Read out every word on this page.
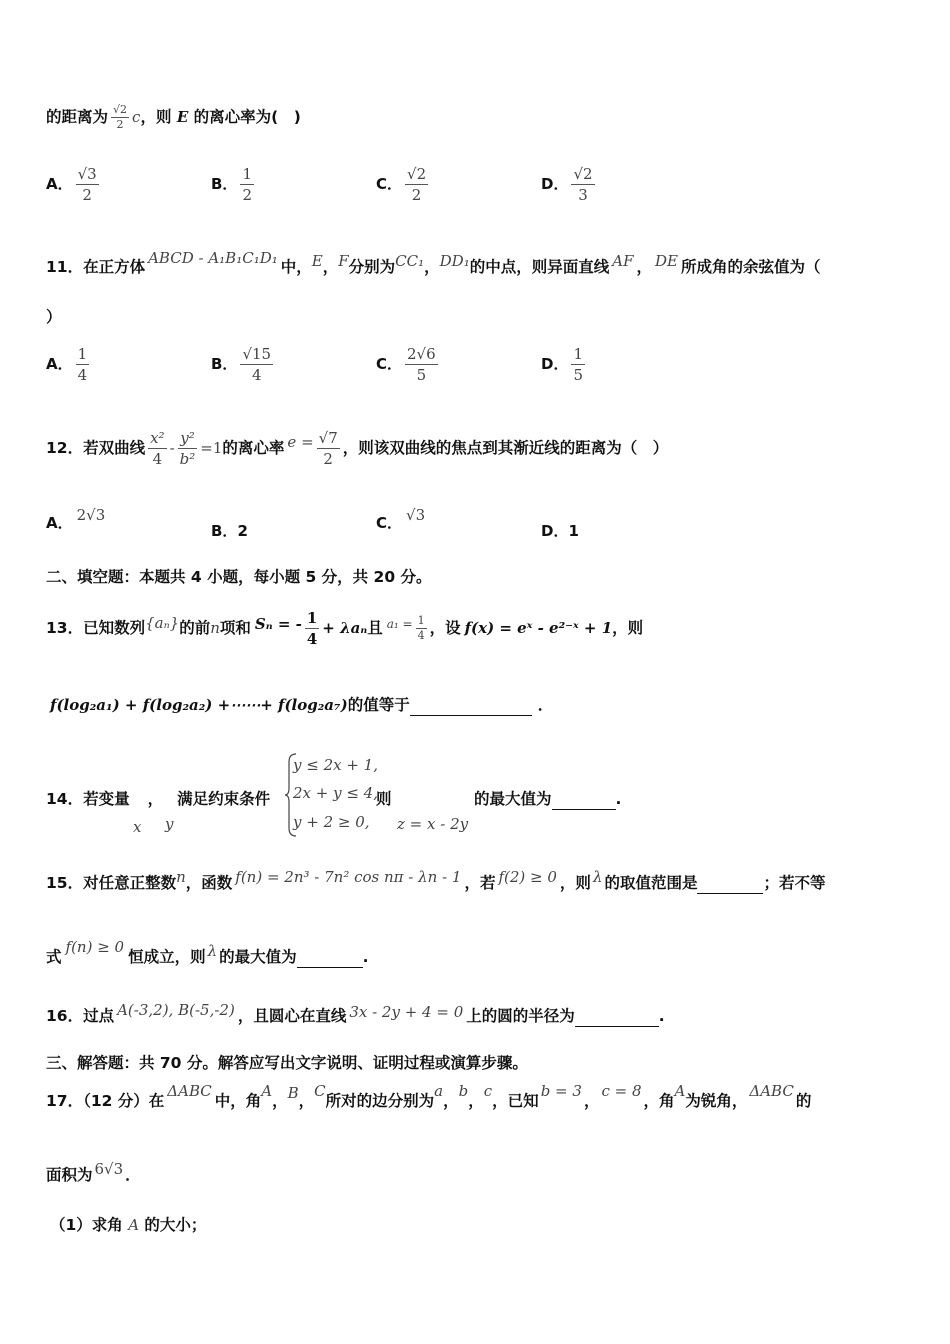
的距离为 $\frac{√2}{2}$ c，则 E 的离心率为(　)
A． $\frac{√3}{2}$	B． $\frac{1}{2}$	C． $\frac{√2}{2}$	D． $\frac{√2}{3}$
11．在正方体 ABCD - A₁B₁C₁D₁ 中，E，F分别为CC₁，DD₁的中点，则异面直线 AF ， DE 所成角的余弦值为（
）
A． $\frac{1}{4}$	B． $\frac{√15}{4}$	C． $\frac{2√6}{5}$	D． $\frac{1}{5}$
12．若双曲线 $\frac{\text{x²}}{4} - \frac{\text{y²}}{\text{b²}} =1$的离心率 $e = \frac{√7}{2}$ ，则该双曲线的焦点到其渐近线的距离为（　）
A． 2√3
B．2	C． √3
D．1
二、填空题：本题共 4 小题，每小题 5 分，共 20 分。
13．已知数列{aₙ}的前n项和 Sₙ = - $\frac{1}{4} + \lambda a_n$且 $^{a_1 =} \frac{1}{4}$ ，设 f(x) = eˣ - e²⁻ˣ + 1，则
f(log₂a₁) + f(log₂a₂) +⋯⋯+ f(log₂a₇)的值等于	．
14．若变量 ， 满足约束条件
x y
y ≤ 2x + 1,
2x + y ≤ 4,
y + 2 ≥ 0,
则
z = x - 2y
的最大值为	.
15．对任意正整数n，函数 f(n) = 2n³ - 7n² cos nπ - λn - 1 ，若 f(2) ≥ 0 ，则 λ 的取值范围是	；若不等
式f(n) ≥ 0恒成立，则 λ 的最大值为	.
16．过点 A(-3,2), B(-5,-2) ，且圆心在直线 3x - 2y + 4 = 0 上的圆的半径为	.
三、解答题：共 70 分。解答应写出文字说明、证明过程或演算步骤。
17．（12 分）在ΔABC中，角A，B，C所对的边分别为a，b，c，已知b = 3，c = 8，角A为锐角，ΔABC的
面积为 6√3 ．
（1）求角 A 的大小；
